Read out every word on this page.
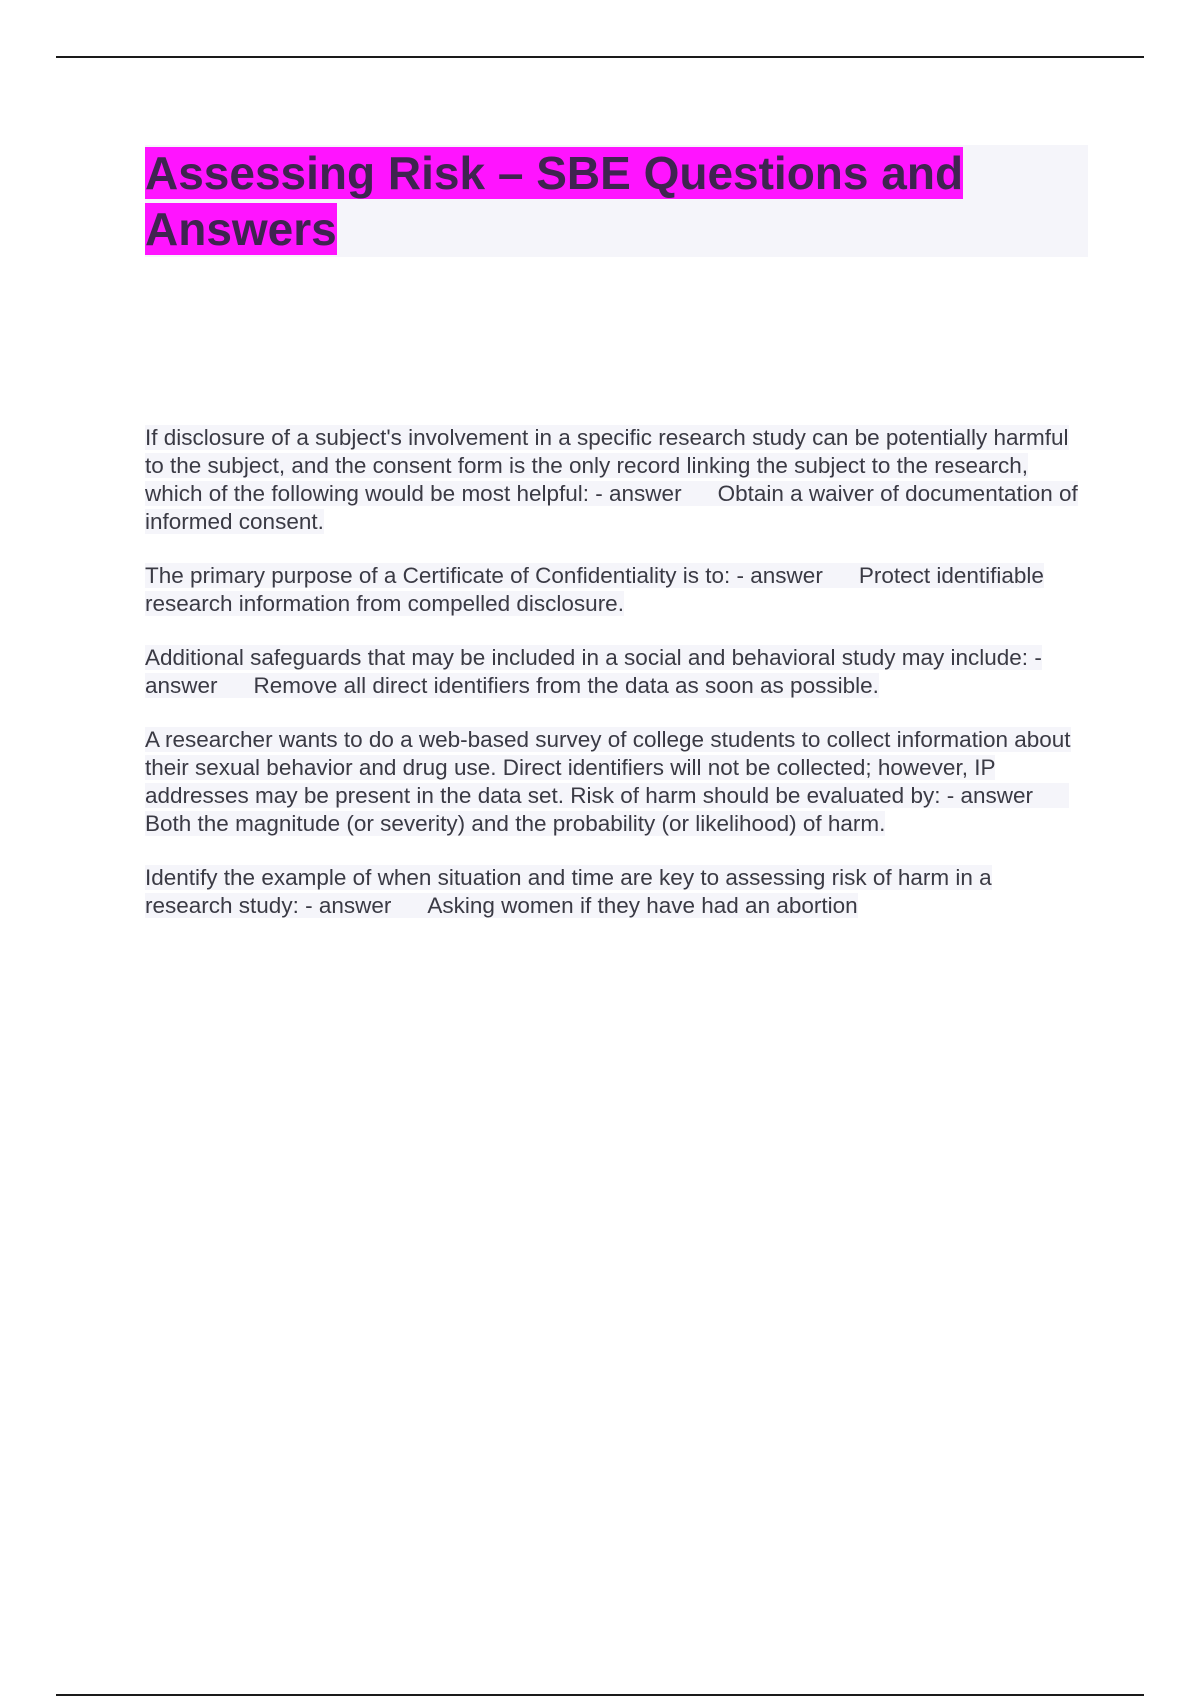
Assessing Risk – SBE Questions and Answers

If disclosure of a subject's involvement in a specific research study can be potentially harmful to the subject, and the consent form is the only record linking the subject to the research, which of the following would be most helpful: - answer Obtain a waiver of documentation of informed consent.

The primary purpose of a Certificate of Confidentiality is to: - answer Protect identifiable research information from compelled disclosure.

Additional safeguards that may be included in a social and behavioral study may include: - answer Remove all direct identifiers from the data as soon as possible.

A researcher wants to do a web-based survey of college students to collect information about their sexual behavior and drug use. Direct identifiers will not be collected; however, IP addresses may be present in the data set. Risk of harm should be evaluated by: - answerBoth the magnitude (or severity) and the probability (or likelihood) of harm.

Identify the example of when situation and time are key to assessing risk of harm in a research study: - answer Asking women if they have had an abortion
